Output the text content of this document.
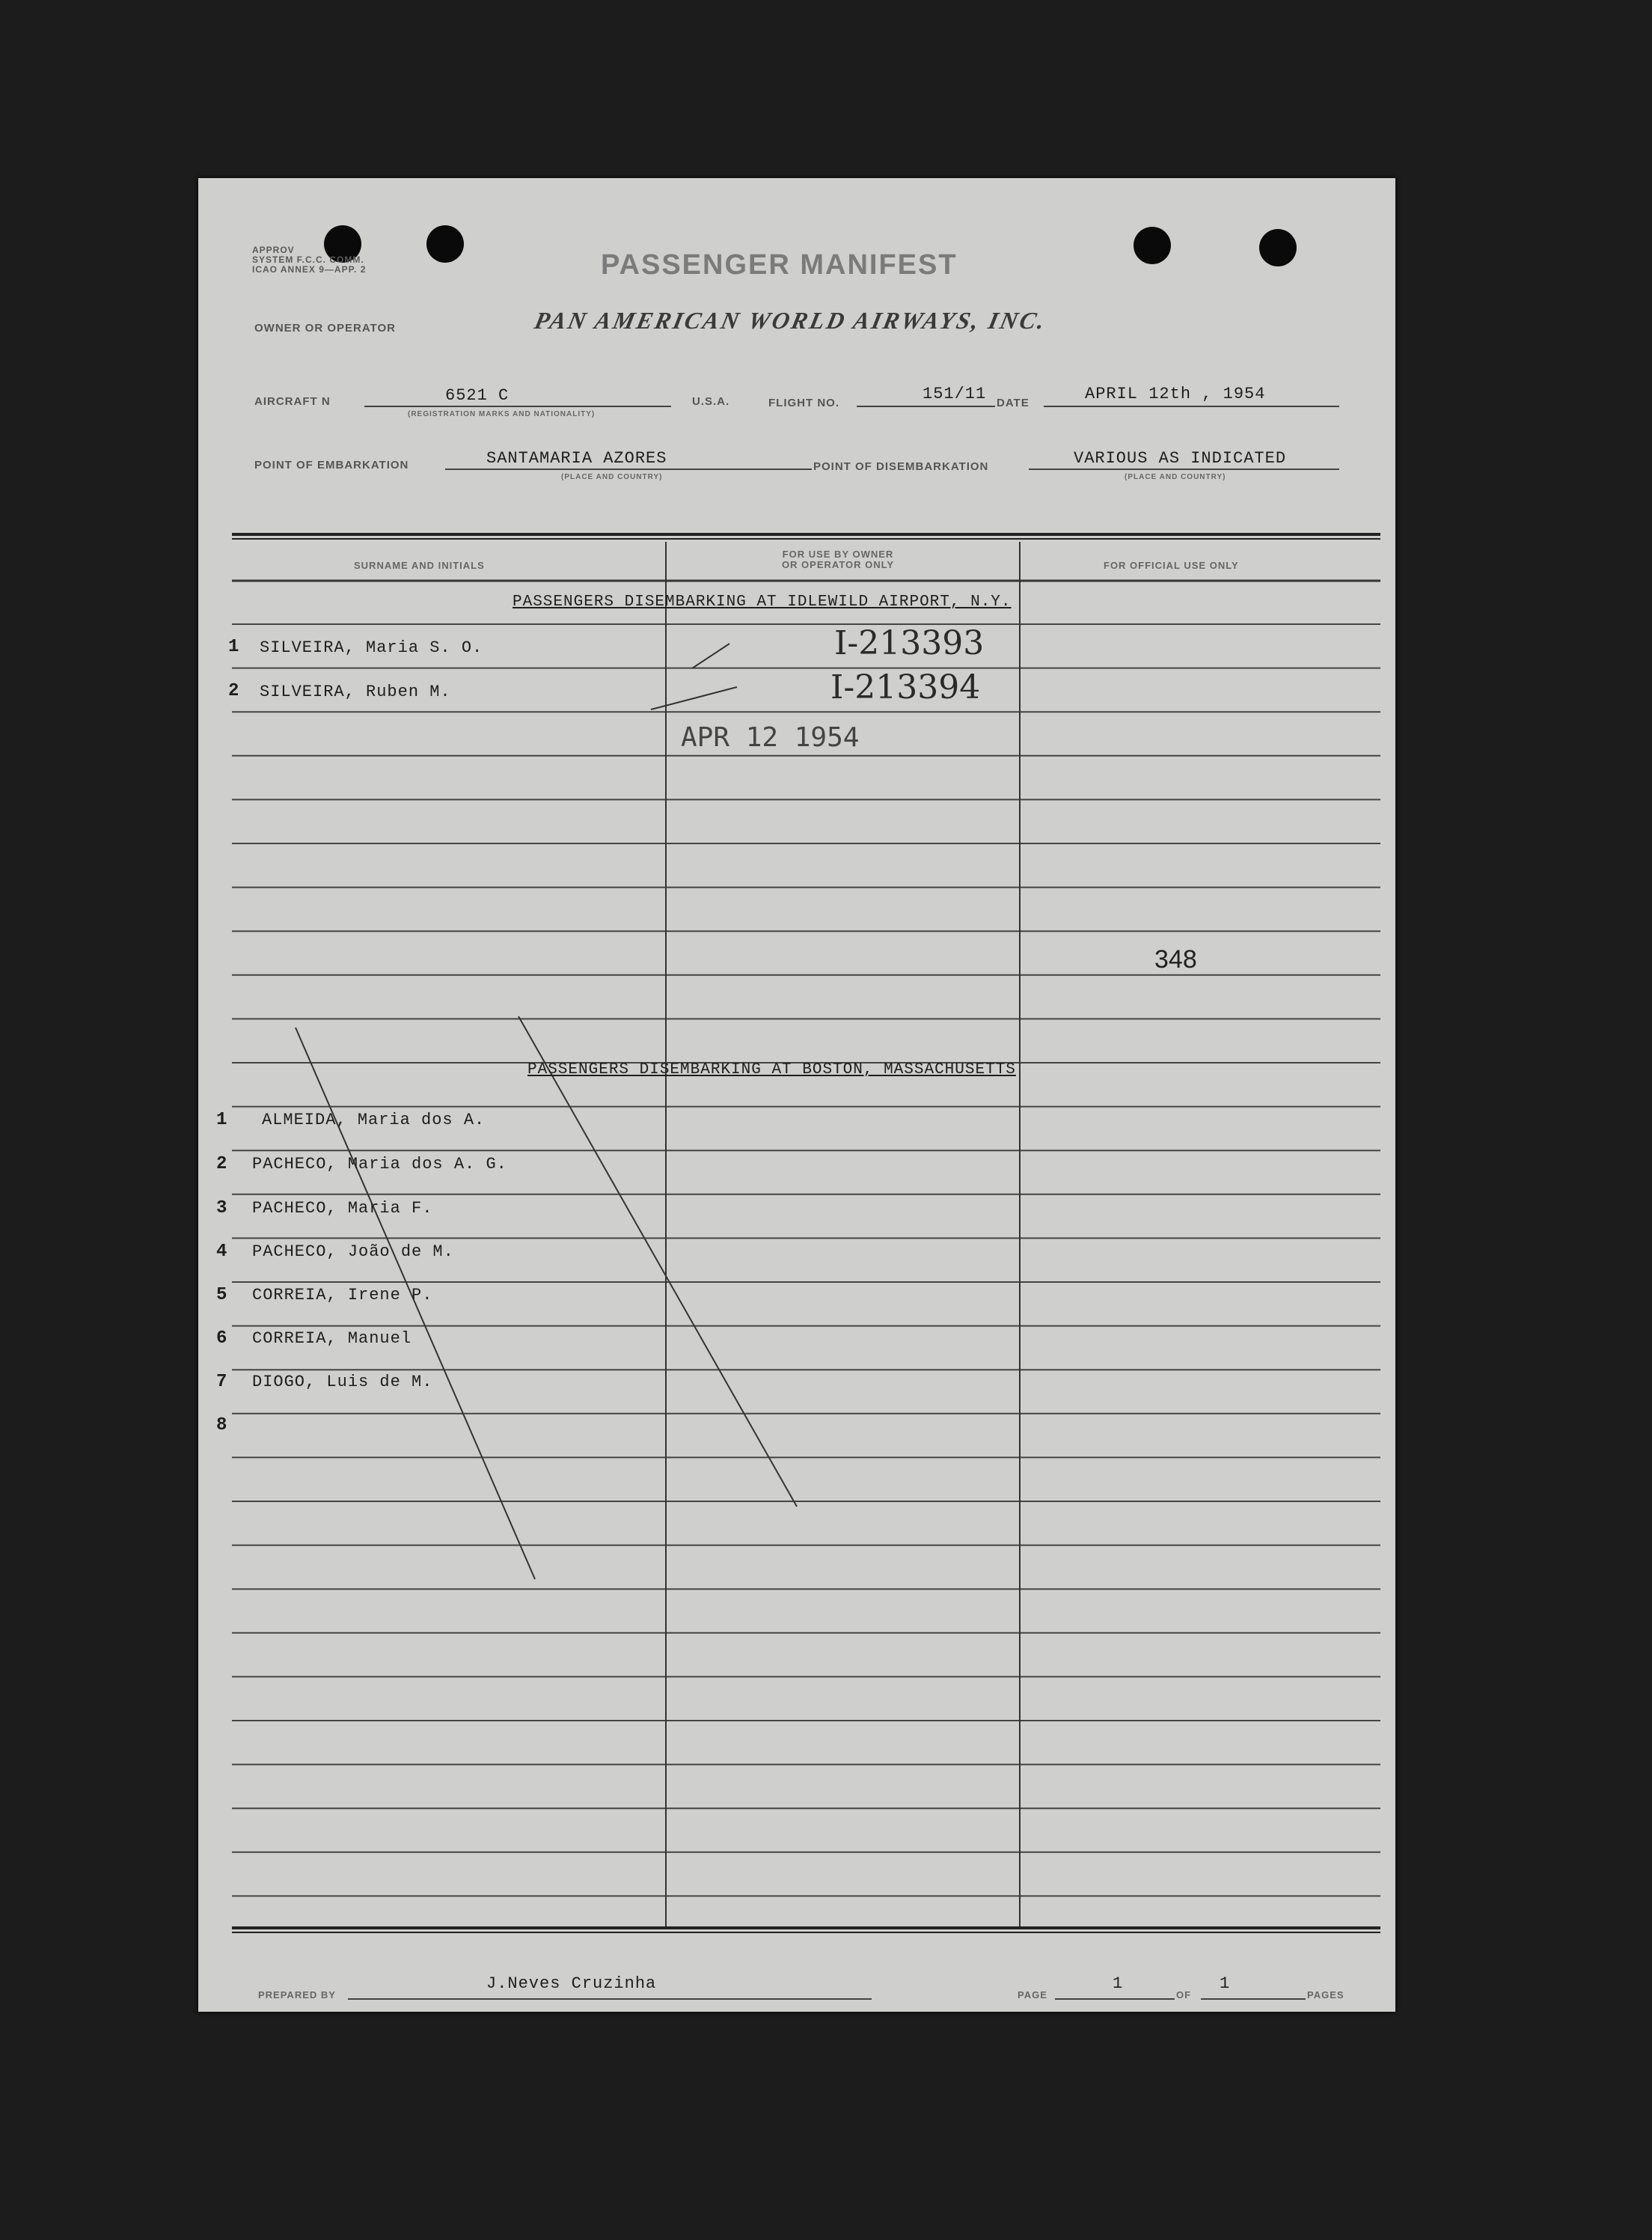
APPROV
SYSTEM F.C.C. COMM.
ICAO ANNEX 9—APP. 2	PASSENGER MANIFEST
OWNER OR OPERATOR	PAN AMERICAN WORLD AIRWAYS, INC.
AIRCRAFT N	6521 C
(REGISTRATION MARKS AND NATIONALITY)
U.S.A.	FLIGHT NO.	151/11 DATE	APRIL 12th , 1954
POINT OF EMBARKATION	SANTAMARIA AZORES
(PLACE AND COUNTRY)
POINT OF DISEMBARKATION	VARIOUS AS INDICATED
(PLACE AND COUNTRY)
SURNAME AND INITIALS
FOR USE BY OWNER
OR OPERATOR ONLY	FOR OFFICIAL USE ONLY
PASSENGERS DISEMBARKING AT IDLEWILD AIRPORT, N.Y.
1 SILVEIRA, Maria S. O.	I-213393
2 SILVEIRA, Ruben M.	I-213394
APR 12 1954
348
PASSENGERS DISEMBARKING AT BOSTON, MASSACHUSETTS
1 ALMEIDA, Maria dos A.
2 PACHECO, Maria dos A. G.
3 PACHECO, Maria F.
4 PACHECO, João de M.
5 CORREIA, Irene P.
6 CORREIA, Manuel
7 DIOGO, Luis de M.
8
PREPARED BY
J.Neves Cruzinha
PAGE
1
OF
1
PAGES
